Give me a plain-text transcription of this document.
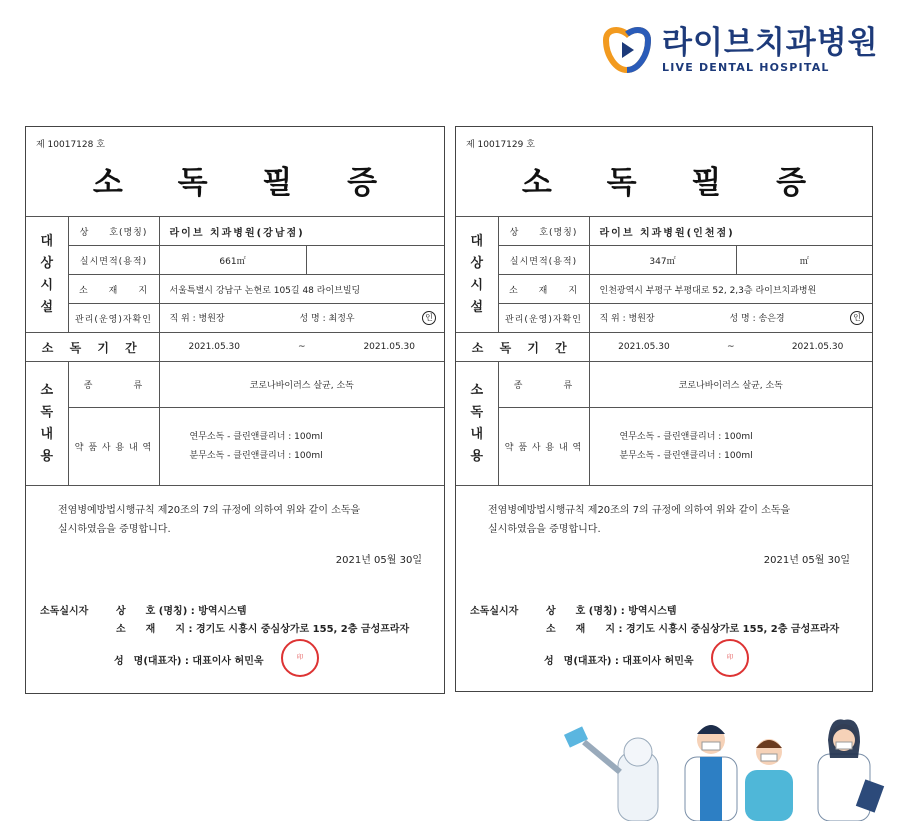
라이브치과병원
LIVE DENTAL HOSPITAL
제 10017128 호
소 독 필 증
대
상
시
설	상　　호(명칭)	라이브 치과병원(강남점)	
	실시면적(용적)	661㎡	
	소　　재　　지	서울특별시 강남구 논현로 105길 48 라이브빌딩	
	관리(운영)자확인	직 위 : 병원장 성 명 : 최정우 인	

소 독 기 간		2021.05.30 ~ 2021.05.30	

소
독
내
용	종　　　　류	코로나바이러스 살균, 소독	
	약 품 사 용 내 역	연무소독 - 클린앤클리너 : 100ml
분무소독 - 클린앤클리너 : 100ml	
전염병예방법시행규칙 제20조의 7의 규정에 의하여 위와 같이 소독을
실시하였음을 증명합니다.
2021년 05월 30일
소독실시자	상　　호 (명칭) :
방역시스템
소　　재　　지 :
경기도 시흥시 중심상가로 155, 2층 금성프라자
성　명(대표자) :
대표이사 허민욱	印
제 10017129 호
소 독 필 증
대
상
시
설	상　　호(명칭)	라이브 치과병원(인천점)	
	실시면적(용적)	347㎡	㎡
	소　　재　　지	인천광역시 부평구 부평대로 52, 2,3층 라이브치과병원	
	관리(운영)자확인	직 위 : 병원장 성 명 : 송은경 인	

소 독 기 간		2021.05.30 ~ 2021.05.30	

소
독
내
용	종　　　　류	코로나바이러스 살균, 소독	
	약 품 사 용 내 역	연무소독 - 클린앤클리너 : 100ml
분무소독 - 클린앤클리너 : 100ml	
전염병예방법시행규칙 제20조의 7의 규정에 의하여 위와 같이 소독을
실시하였음을 증명합니다.
2021년 05월 30일
소독실시자	상　　호 (명칭) :
방역시스템
소　　재　　지 :
경기도 시흥시 중심상가로 155, 2층 금성프라자
성　명(대표자) :
대표이사 허민욱	印
